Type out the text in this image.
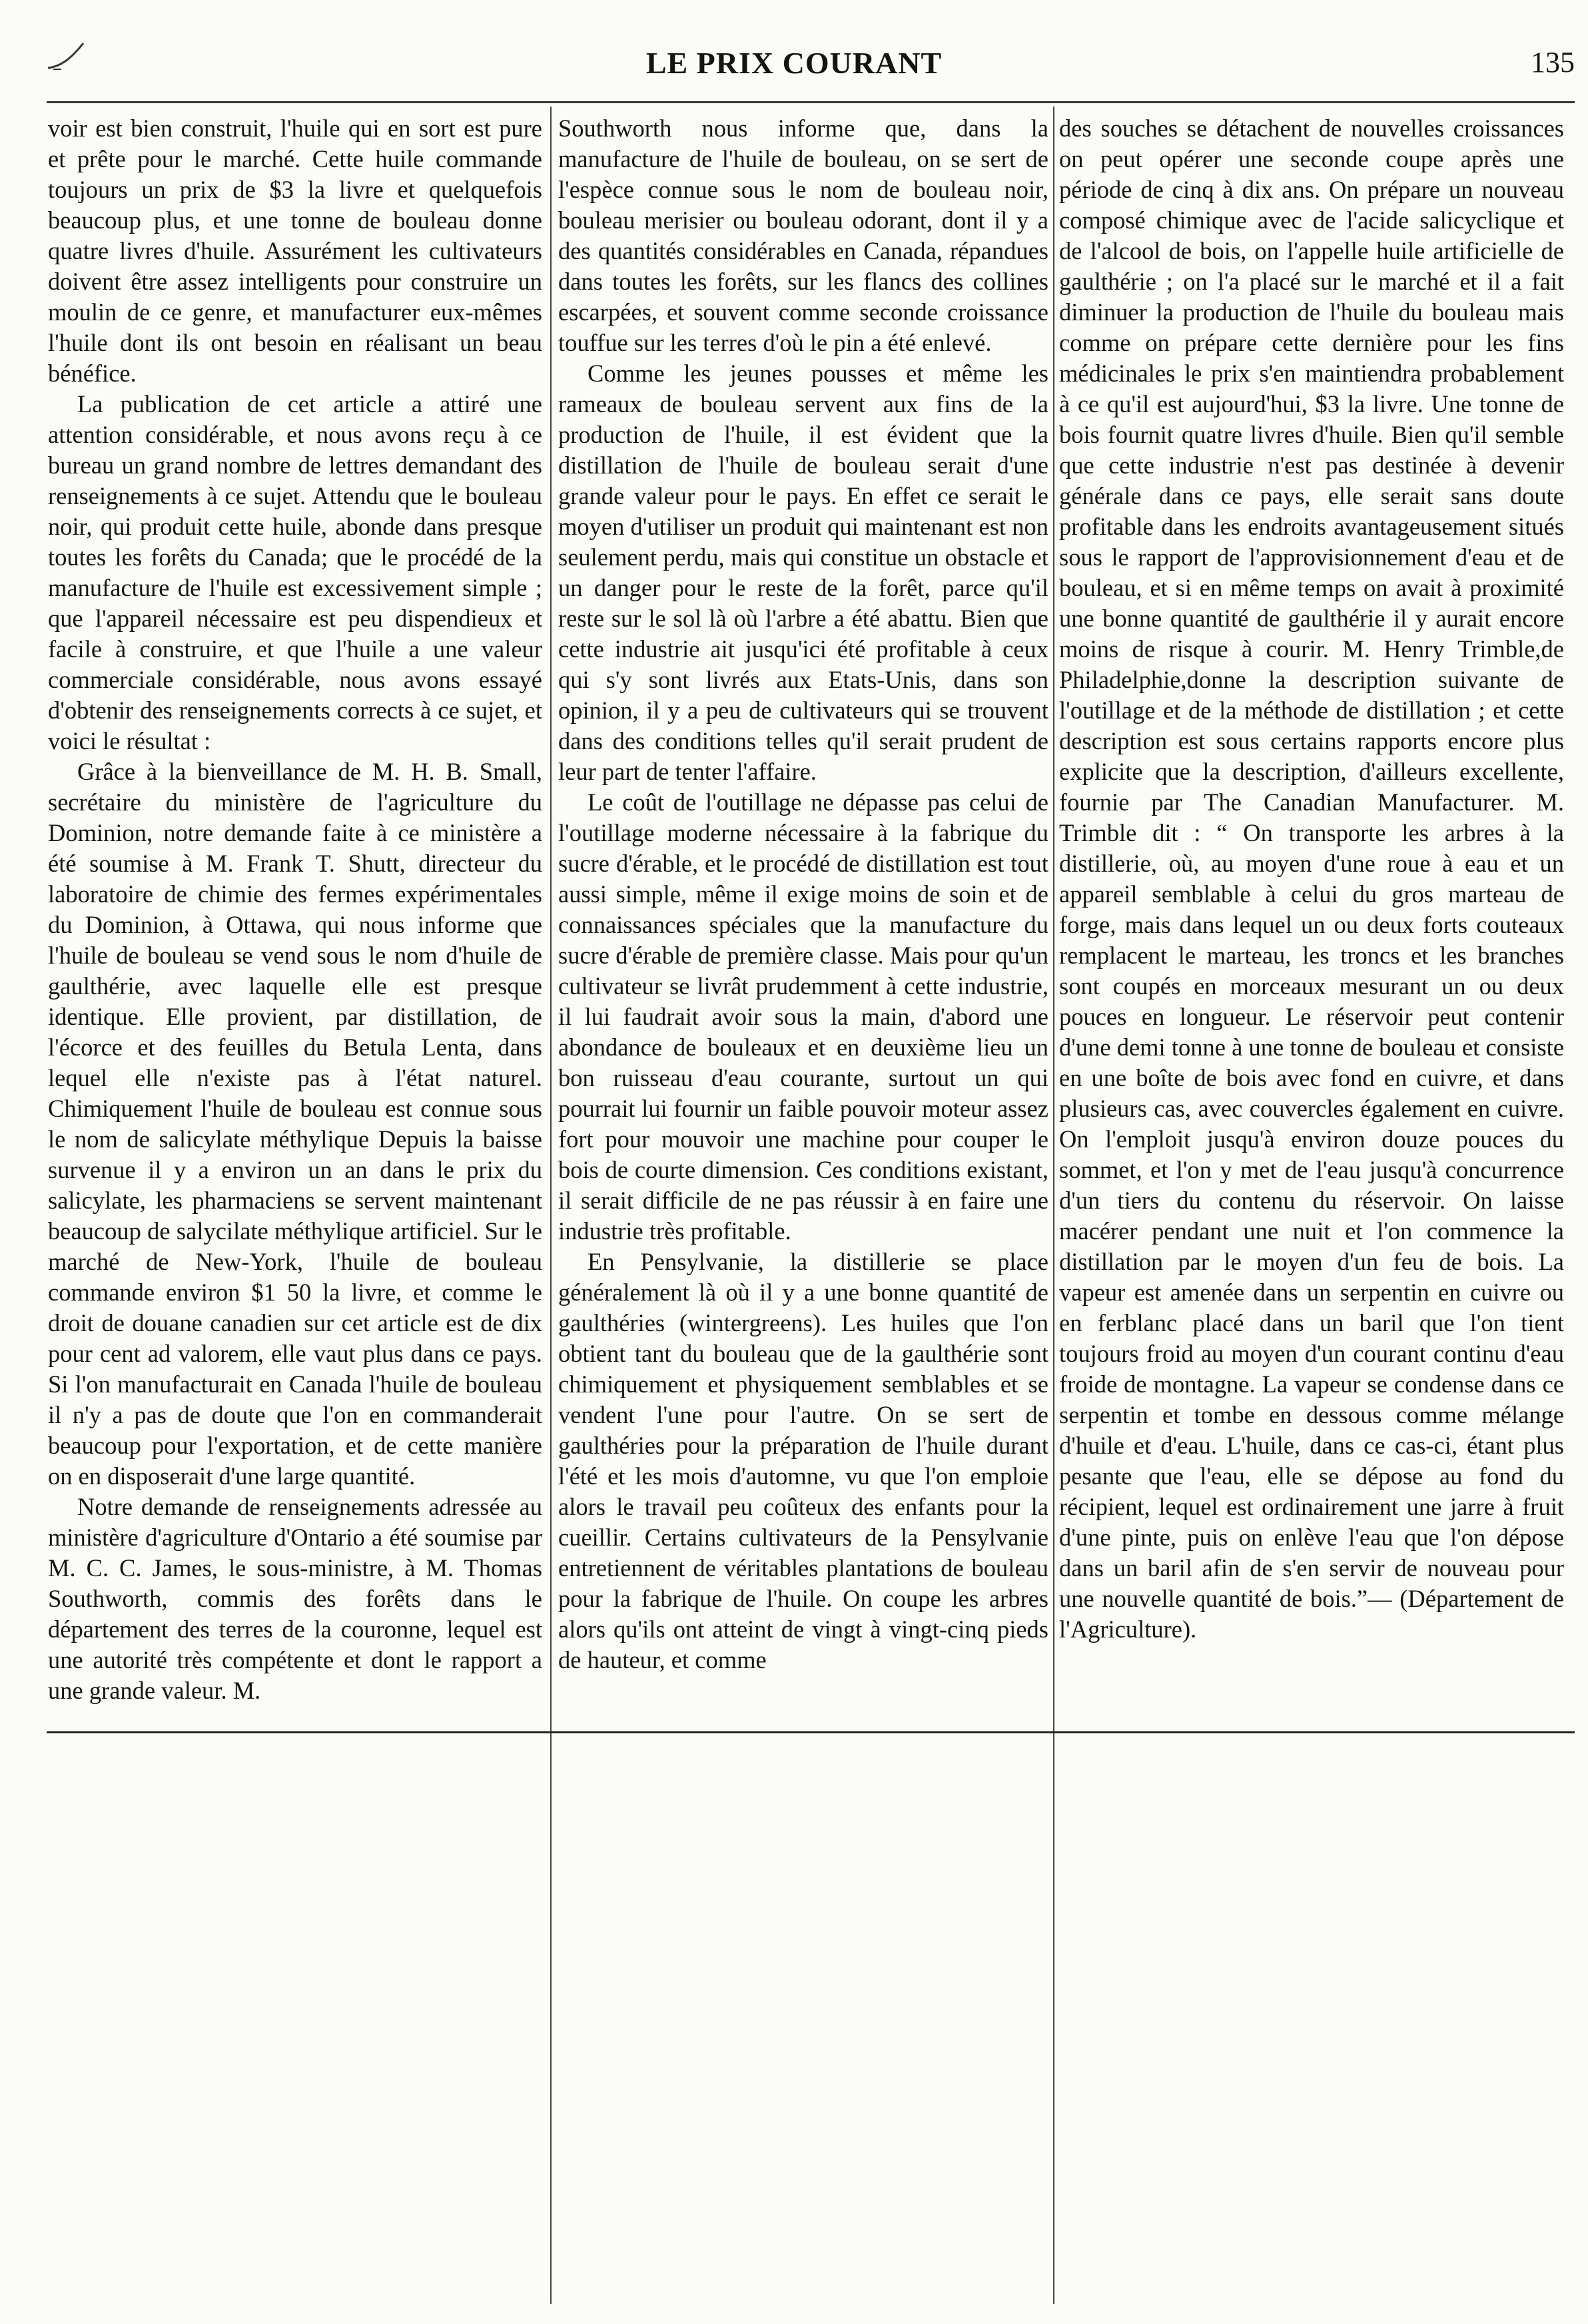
LE PRIX COURANT	135

voir est bien construit, l'huile qui en sort est pure et prête pour le marché. Cette huile commande toujours un prix de $3 la livre et quelquefois beaucoup plus, et une tonne de bouleau donne quatre livres d'huile. Assurément les cultivateurs doivent être assez intelligents pour construire un moulin de ce genre, et manufacturer eux-mêmes l'huile dont ils ont besoin en réalisant un beau bénéfice.

La publication de cet article a attiré une attention considérable, et nous avons reçu à ce bureau un grand nombre de lettres demandant des renseignements à ce sujet. Attendu que le bouleau noir, qui produit cette huile, abonde dans presque toutes les forêts du Canada; que le procédé de la manufacture de l'huile est excessivement simple ; que l'appareil nécessaire est peu dispendieux et facile à construire, et que l'huile a une valeur commerciale considérable, nous avons essayé d'obtenir des renseignements corrects à ce sujet, et voici le résultat :

Grâce à la bienveillance de M. H. B. Small, secrétaire du ministère de l'agriculture du Dominion, notre demande faite à ce ministère a été soumise à M. Frank T. Shutt, directeur du laboratoire de chimie des fermes expérimentales du Dominion, à Ottawa, qui nous informe que l'huile de bouleau se vend sous le nom d'huile de gaulthérie, avec laquelle elle est presque identique. Elle provient, par distillation, de l'écorce et des feuilles du Betula Lenta, dans lequel elle n'existe pas à l'état naturel. Chimiquement l'huile de bouleau est connue sous le nom de salicylate méthylique Depuis la baisse survenue il y a environ un an dans le prix du salicylate, les pharmaciens se servent maintenant beaucoup de salycilate méthylique artificiel. Sur le marché de New-York, l'huile de bouleau commande environ $1 50 la livre, et comme le droit de douane canadien sur cet article est de dix pour cent ad valorem, elle vaut plus dans ce pays. Si l'on manufacturait en Canada l'huile de bouleau il n'y a pas de doute que l'on en commanderait beaucoup pour l'exportation, et de cette manière on en disposerait d'une large quantité.

Notre demande de renseignements adressée au ministère d'agriculture d'Ontario a été soumise par M. C. C. James, le sous-ministre, à M. Thomas Southworth, commis des forêts dans le département des terres de la couronne, lequel est une autorité très compétente et dont le rapport a une grande valeur. M.

Southworth nous informe que, dans la manufacture de l'huile de bouleau, on se sert de l'espèce connue sous le nom de bouleau noir, bouleau merisier ou bouleau odorant, dont il y a des quantités considérables en Canada, répandues dans toutes les forêts, sur les flancs des collines escarpées, et souvent comme seconde croissance touffue sur les terres d'où le pin a été enlevé.

Comme les jeunes pousses et même les rameaux de bouleau servent aux fins de la production de l'huile, il est évident que la distillation de l'huile de bouleau serait d'une grande valeur pour le pays. En effet ce serait le moyen d'utiliser un produit qui maintenant est non seulement perdu, mais qui constitue un obstacle et un danger pour le reste de la forêt, parce qu'il reste sur le sol là où l'arbre a été abattu. Bien que cette industrie ait jusqu'ici été profitable à ceux qui s'y sont livrés aux Etats-Unis, dans son opinion, il y a peu de cultivateurs qui se trouvent dans des conditions telles qu'il serait prudent de leur part de tenter l'affaire.

Le coût de l'outillage ne dépasse pas celui de l'outillage moderne nécessaire à la fabrique du sucre d'érable, et le procédé de distillation est tout aussi simple, même il exige moins de soin et de connaissances spéciales que la manufacture du sucre d'érable de première classe. Mais pour qu'un cultivateur se livrât prudemment à cette industrie, il lui faudrait avoir sous la main, d'abord une abondance de bouleaux et en deuxième lieu un bon ruisseau d'eau courante, surtout un qui pourrait lui fournir un faible pouvoir moteur assez fort pour mouvoir une machine pour couper le bois de courte dimension. Ces conditions existant, il serait difficile de ne pas réussir à en faire une industrie très profitable.

En Pensylvanie, la distillerie se place généralement là où il y a une bonne quantité de gaulthéries (wintergreens). Les huiles que l'on obtient tant du bouleau que de la gaulthérie sont chimiquement et physiquement semblables et se vendent l'une pour l'autre. On se sert de gaulthéries pour la préparation de l'huile durant l'été et les mois d'automne, vu que l'on emploie alors le travail peu coûteux des enfants pour la cueillir. Certains cultivateurs de la Pensylvanie entretiennent de véritables plantations de bouleau pour la fabrique de l'huile. On coupe les arbres alors qu'ils ont atteint de vingt à vingt-cinq pieds de hauteur, et comme

des souches se détachent de nouvelles croissances on peut opérer une seconde coupe après une période de cinq à dix ans. On prépare un nouveau composé chimique avec de l'acide salicyclique et de l'alcool de bois, on l'appelle huile artificielle de gaulthérie ; on l'a placé sur le marché et il a fait diminuer la production de l'huile du bouleau mais comme on prépare cette dernière pour les fins médicinales le prix s'en maintiendra probablement à ce qu'il est aujourd'hui, $3 la livre. Une tonne de bois fournit quatre livres d'huile. Bien qu'il semble que cette industrie n'est pas destinée à devenir générale dans ce pays, elle serait sans doute profitable dans les endroits avantageusement situés sous le rapport de l'approvisionnement d'eau et de bouleau, et si en même temps on avait à proximité une bonne quantité de gaulthérie il y aurait encore moins de risque à courir. M. Henry Trimble,de Philadelphie,donne la description suivante de l'outillage et de la méthode de distillation ; et cette description est sous certains rapports encore plus explicite que la description, d'ailleurs excellente, fournie par The Canadian Manufacturer. M. Trimble dit : “ On transporte les arbres à la distillerie, où, au moyen d'une roue à eau et un appareil semblable à celui du gros marteau de forge, mais dans lequel un ou deux forts couteaux remplacent le marteau, les troncs et les branches sont coupés en morceaux mesurant un ou deux pouces en longueur. Le réservoir peut contenir d'une demi tonne à une tonne de bouleau et consiste en une boîte de bois avec fond en cuivre, et dans plusieurs cas, avec couvercles également en cuivre. On l'emploit jusqu'à environ douze pouces du sommet, et l'on y met de l'eau jusqu'à concurrence d'un tiers du contenu du réservoir. On laisse macérer pendant une nuit et l'on commence la distillation par le moyen d'un feu de bois. La vapeur est amenée dans un serpentin en cuivre ou en ferblanc placé dans un baril que l'on tient toujours froid au moyen d'un courant continu d'eau froide de montagne. La vapeur se condense dans ce serpentin et tombe en dessous comme mélange d'huile et d'eau. L'huile, dans ce cas-ci, étant plus pesante que l'eau, elle se dépose au fond du récipient, lequel est ordinairement une jarre à fruit d'une pinte, puis on enlève l'eau que l'on dépose dans un baril afin de s'en servir de nouveau pour une nouvelle quantité de bois.”— (Département de l'Agriculture).
